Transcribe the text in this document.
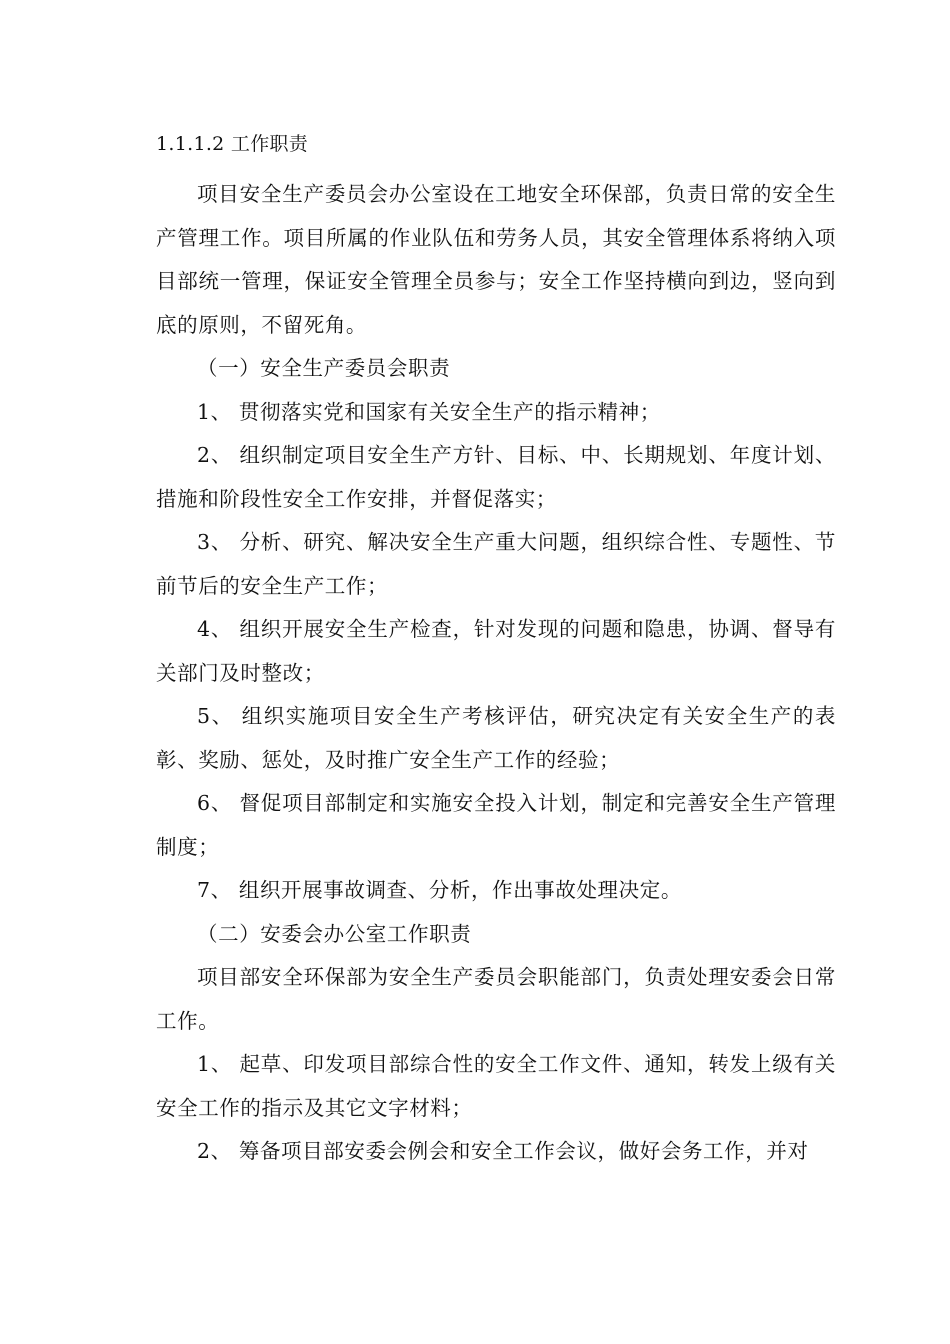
1.1.1.2 工作职责

项目安全生产委员会办公室设在工地安全环保部，负责日常的安全生产管理工作。项目所属的作业队伍和劳务人员，其安全管理体系将纳入项目部统一管理，保证安全管理全员参与；安全工作坚持横向到边，竖向到底的原则，不留死角。

（一）安全生产委员会职责

1、 贯彻落实党和国家有关安全生产的指示精神；

2、 组织制定项目安全生产方针、目标、中、长期规划、年度计划、措施和阶段性安全工作安排，并督促落实；

3、 分析、研究、解决安全生产重大问题，组织综合性、专题性、节前节后的安全生产工作；

4、 组织开展安全生产检查，针对发现的问题和隐患，协调、督导有关部门及时整改；

5、 组织实施项目安全生产考核评估，研究决定有关安全生产的表彰、奖励、惩处，及时推广安全生产工作的经验；

6、 督促项目部制定和实施安全投入计划，制定和完善安全生产管理制度；

7、 组织开展事故调查、分析，作出事故处理决定。

（二）安委会办公室工作职责

项目部安全环保部为安全生产委员会职能部门，负责处理安委会日常工作。

1、 起草、印发项目部综合性的安全工作文件、通知，转发上级有关安全工作的指示及其它文字材料；

2、 筹备项目部安委会例会和安全工作会议，做好会务工作，并对
